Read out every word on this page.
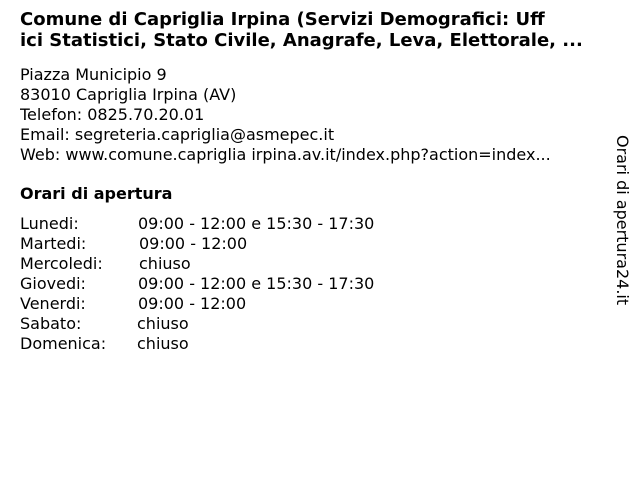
Comune di Capriglia Irpina (Servizi Demografici: Uff
ici Statistici, Stato Civile, Anagrafe, Leva, Elettorale, ...
Piazza Municipio 9
83010 Capriglia Irpina (AV)
Telefon: 0825.70.20.01
Email: segreteria.capriglia@asmepec.it
Web: www.comune.capriglia irpina.av.it/index.php?action=index...
Orari di apertura
Lunedi:	09:00 - 12:00 e 15:30 - 17:30
Martedi:	09:00 - 12:00
Mercoledi: chiuso
Giovedi:	09:00 - 12:00 e 15:30 - 17:30
Venerdi:	09:00 - 12:00
Sabato:	chiuso
Domenica: chiuso
Orari di apertura24.it
